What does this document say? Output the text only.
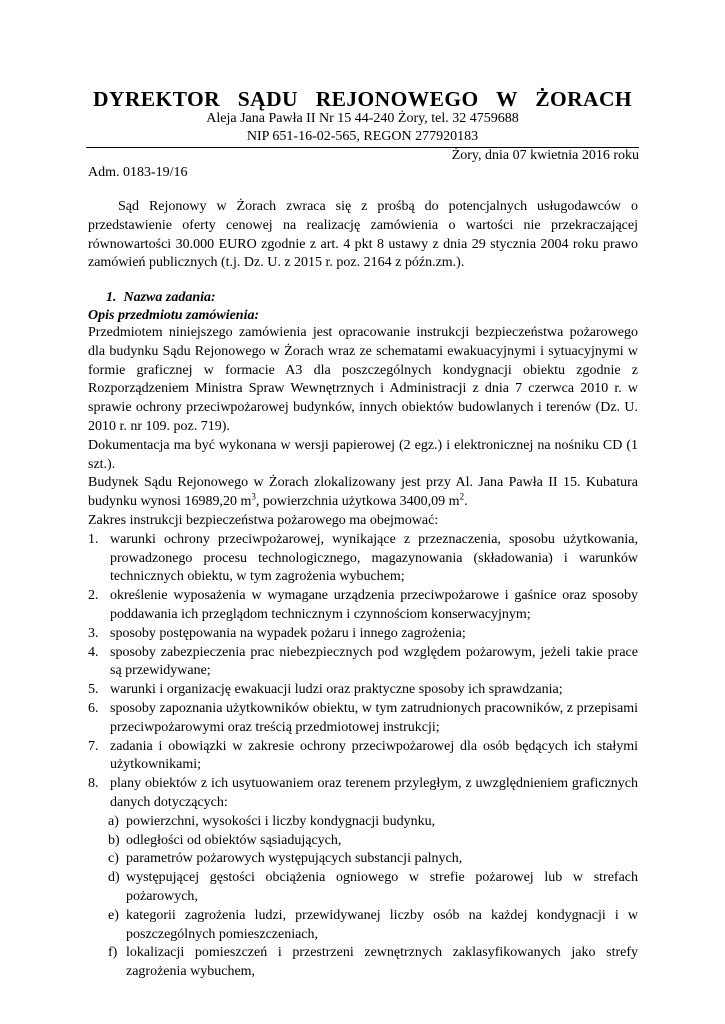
DYREKTOR SĄDU REJONOWEGO W ŻORACH
Aleja Jana Pawła II Nr 15 44-240 Żory, tel. 32 4759688
NIP 651-16-02-565, REGON 277920183
Żory, dnia 07 kwietnia 2016 roku
Adm. 0183-19/16
Sąd Rejonowy w Żorach zwraca się z prośbą do potencjalnych usługodawców o przedstawienie oferty cenowej na realizację zamówienia o wartości nie przekraczającej równowartości 30.000 EURO zgodnie z art. 4 pkt 8 ustawy z dnia 29 stycznia 2004 roku prawo zamówień publicznych (t.j. Dz. U. z 2015 r. poz. 2164 z późn.zm.).
1. Nazwa zadania:
Opis przedmiotu zamówienia:
Przedmiotem niniejszego zamówienia jest opracowanie instrukcji bezpieczeństwa pożarowego dla budynku Sądu Rejonowego w Żorach wraz ze schematami ewakuacyjnymi i sytuacyjnymi w formie graficznej w formacie A3 dla poszczególnych kondygnacji obiektu zgodnie z Rozporządzeniem Ministra Spraw Wewnętrznych i Administracji z dnia 7 czerwca 2010 r. w sprawie ochrony przeciwpożarowej budynków, innych obiektów budowlanych i terenów (Dz. U. 2010 r. nr 109. poz. 719).
Dokumentacja ma być wykonana w wersji papierowej (2 egz.) i elektronicznej na nośniku CD (1 szt.).
Budynek Sądu Rejonowego w Żorach zlokalizowany jest przy Al. Jana Pawła II 15. Kubatura budynku wynosi 16989,20 $m^3$, powierzchnia użytkowa 3400,09 $m^2$.
Zakres instrukcji bezpieczeństwa pożarowego ma obejmować:
1. warunki ochrony przeciwpożarowej, wynikające z przeznaczenia, sposobu użytkowania, prowadzonego procesu technologicznego, magazynowania (składowania) i warunków technicznych obiektu, w tym zagrożenia wybuchem;
2. określenie wyposażenia w wymagane urządzenia przeciwpożarowe i gaśnice oraz sposoby poddawania ich przeglądom technicznym i czynnościom konserwacyjnym;
3. sposoby postępowania na wypadek pożaru i innego zagrożenia;
4. sposoby zabezpieczenia prac niebezpiecznych pod względem pożarowym, jeżeli takie prace są przewidywane;
5. warunki i organizację ewakuacji ludzi oraz praktyczne sposoby ich sprawdzania;
6. sposoby zapoznania użytkowników obiektu, w tym zatrudnionych pracowników, z przepisami przeciwpożarowymi oraz treścią przedmiotowej instrukcji;
7. zadania i obowiązki w zakresie ochrony przeciwpożarowej dla osób będących ich stałymi użytkownikami;
8. plany obiektów z ich usytuowaniem oraz terenem przyległym, z uwzględnieniem graficznych danych dotyczących:
a) powierzchni, wysokości i liczby kondygnacji budynku,
b) odległości od obiektów sąsiadujących,
c) parametrów pożarowych występujących substancji palnych,
d) występującej gęstości obciążenia ogniowego w strefie pożarowej lub w strefach pożarowych,
e) kategorii zagrożenia ludzi, przewidywanej liczby osób na każdej kondygnacji i w poszczególnych pomieszczeniach,
f) lokalizacji pomieszczeń i przestrzeni zewnętrznych zaklasyfikowanych jako strefy zagrożenia wybuchem,
